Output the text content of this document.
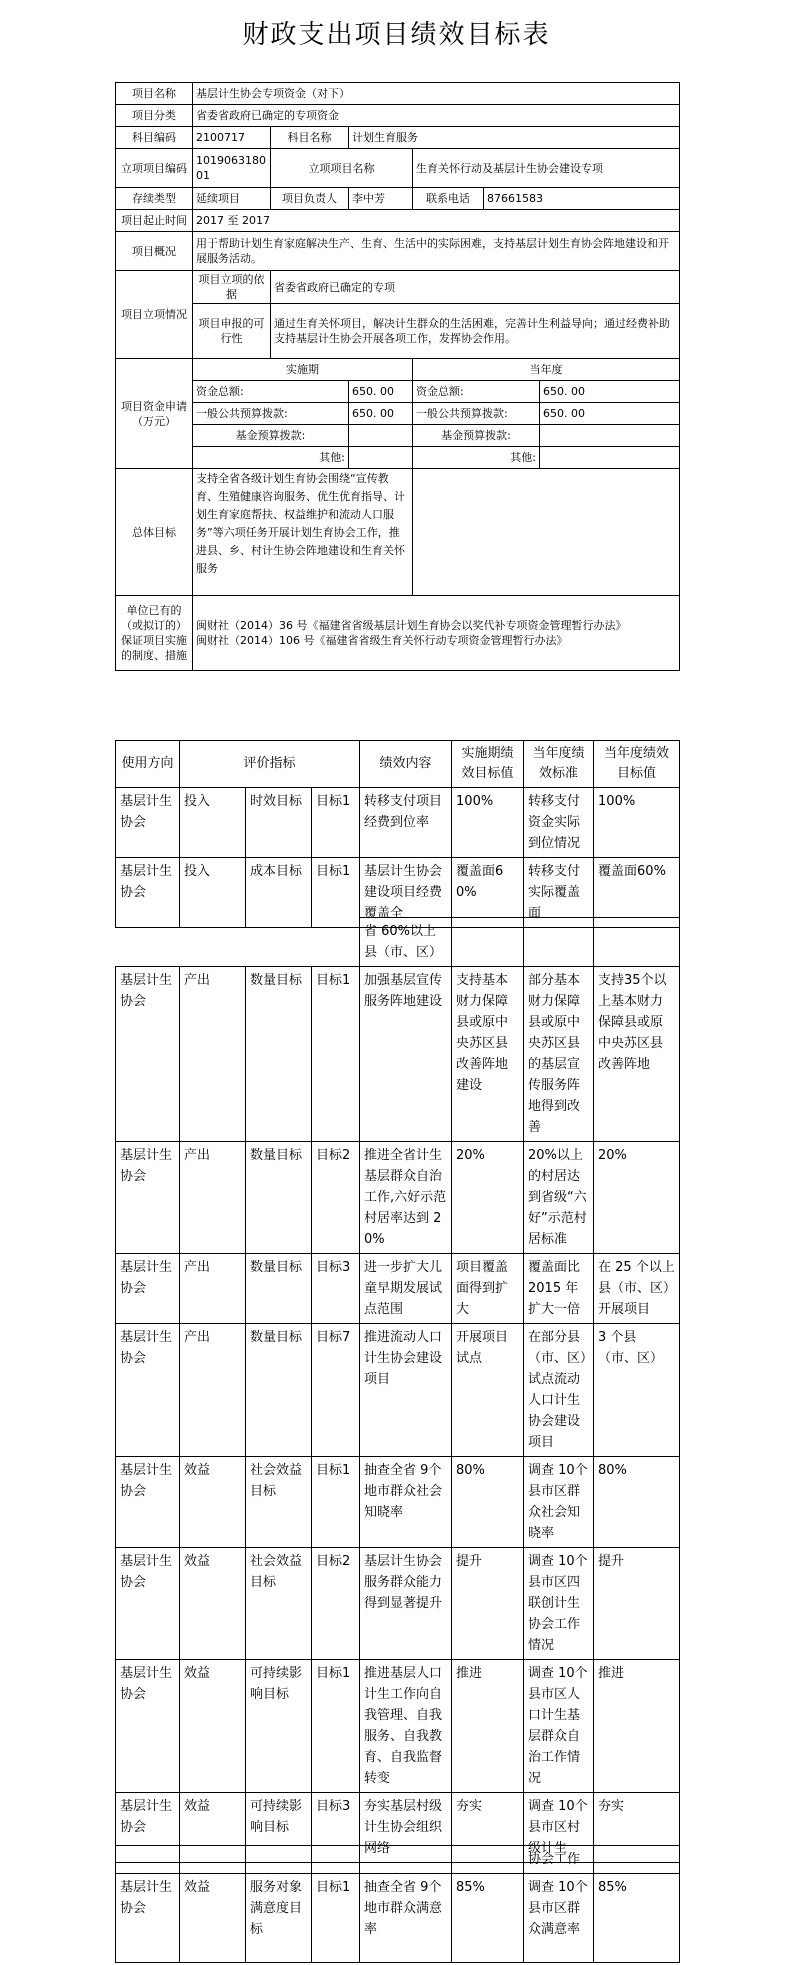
财政支出项目绩效目标表
项目名称	基层计生协会专项资金（对下）					
项目分类	省委省政府已确定的专项资金					
科目编码	2100717	科目名称	计划生育服务			
立项项目编码	101906318001	立项项目名称		生育关怀行动及基层计生协会建设专项		
存续类型	延续项目	项目负责人	李中芳	联系电话	87661583	
项目起止时间	2017 至 2017					
项目概况	用于帮助计划生育家庭解决生产、生育、生活中的实际困难，支持基层计划生育协会阵地建设和开展服务活动。					
项目立项情况	项目立项的依据	省委省政府已确定的专项				
	项目申报的可行性	通过生育关怀项目，解决计生群众的生活困难，完善计生利益导向；通过经费补助支持基层计生协会开展各项工作，发挥协会作用。				
项目资金申请（万元）	实施期			当年度		
	资金总额:		650. 00	资金总额:		650. 00
	一般公共预算拨款:		650. 00	一般公共预算拨款:		650. 00
	基金预算拨款:			基金预算拨款:		
	其他:			其他:		
总体目标	支持全省各级计划生育协会围绕“宣传教育、生殖健康咨询服务、优生优育指导、计划生育家庭帮扶、权益维护和流动人口服务”等六项任务开展计划生育协会工作，推进县、乡、村计生协会阵地建设和生育关怀服务					
单位已有的（或拟订的）保证项目实施的制度、措施	闽财社（2014）36 号《福建省省级基层计划生育协会以奖代补专项资金管理暂行办法》
闽财社（2014）106 号《福建省省级生育关怀行动专项资金管理暂行办法》					
使用方向	评价指标			绩效内容	实施期绩效目标值	当年度绩效标准	当年度绩效目标值
基层计生协会	投入	时效目标	目标1	转移支付项目经费到位率	100%	转移支付资金实际到位情况	100%
基层计生协会	投入	成本目标	目标1	基层计生协会建设项目经费覆盖全	覆盖面60%	转移支付实际覆盖面	覆盖面60%
				省 60%以上县（市、区）			
基层计生协会	产出	数量目标	目标1	加强基层宣传服务阵地建设	支持基本财力保障县或原中央苏区县改善阵地建设	部分基本财力保障县或原中央苏区县的基层宣传服务阵地得到改善	支持35个以上基本财力保障县或原中央苏区县改善阵地
基层计生协会	产出	数量目标	目标2	推进全省计生基层群众自治工作,六好示范村居率达到 20%	20%	20%以上的村居达到省级“六好”示范村居标准	20%
基层计生协会	产出	数量目标	目标3	进一步扩大儿童早期发展试点范围	项目覆盖面得到扩大	覆盖面比 2015 年扩大一倍	在 25 个以上县（市、区）开展项目
基层计生协会	产出	数量目标	目标7	推进流动人口计生协会建设项目	开展项目试点	在部分县（市、区）试点流动人口计生协会建设项目	3 个县（市、区）
基层计生协会	效益	社会效益目标	目标1	抽查全省 9个地市群众社会知晓率	80%	调查 10个县市区群众社会知晓率	80%
基层计生协会	效益	社会效益目标	目标2	基层计生协会服务群众能力得到显著提升	提升	调查 10个县市区四联创计生协会工作情况	提升
基层计生协会	效益	可持续影响目标	目标1	推进基层人口计生工作向自我管理、自我服务、自我教育、自我监督转变	推进	调查 10个县市区人口计生基层群众自治工作情况	推进
基层计生协会	效益	可持续影响目标	目标3	夯实基层村级计生协会组织网络	夯实	调查 10个县市区村级计生	夯实
						协会工作	
基层计生协会	效益	服务对象满意度目标	目标1	抽查全省 9个地市群众满意率	85%	调查 10个县市区群众满意率	85%
